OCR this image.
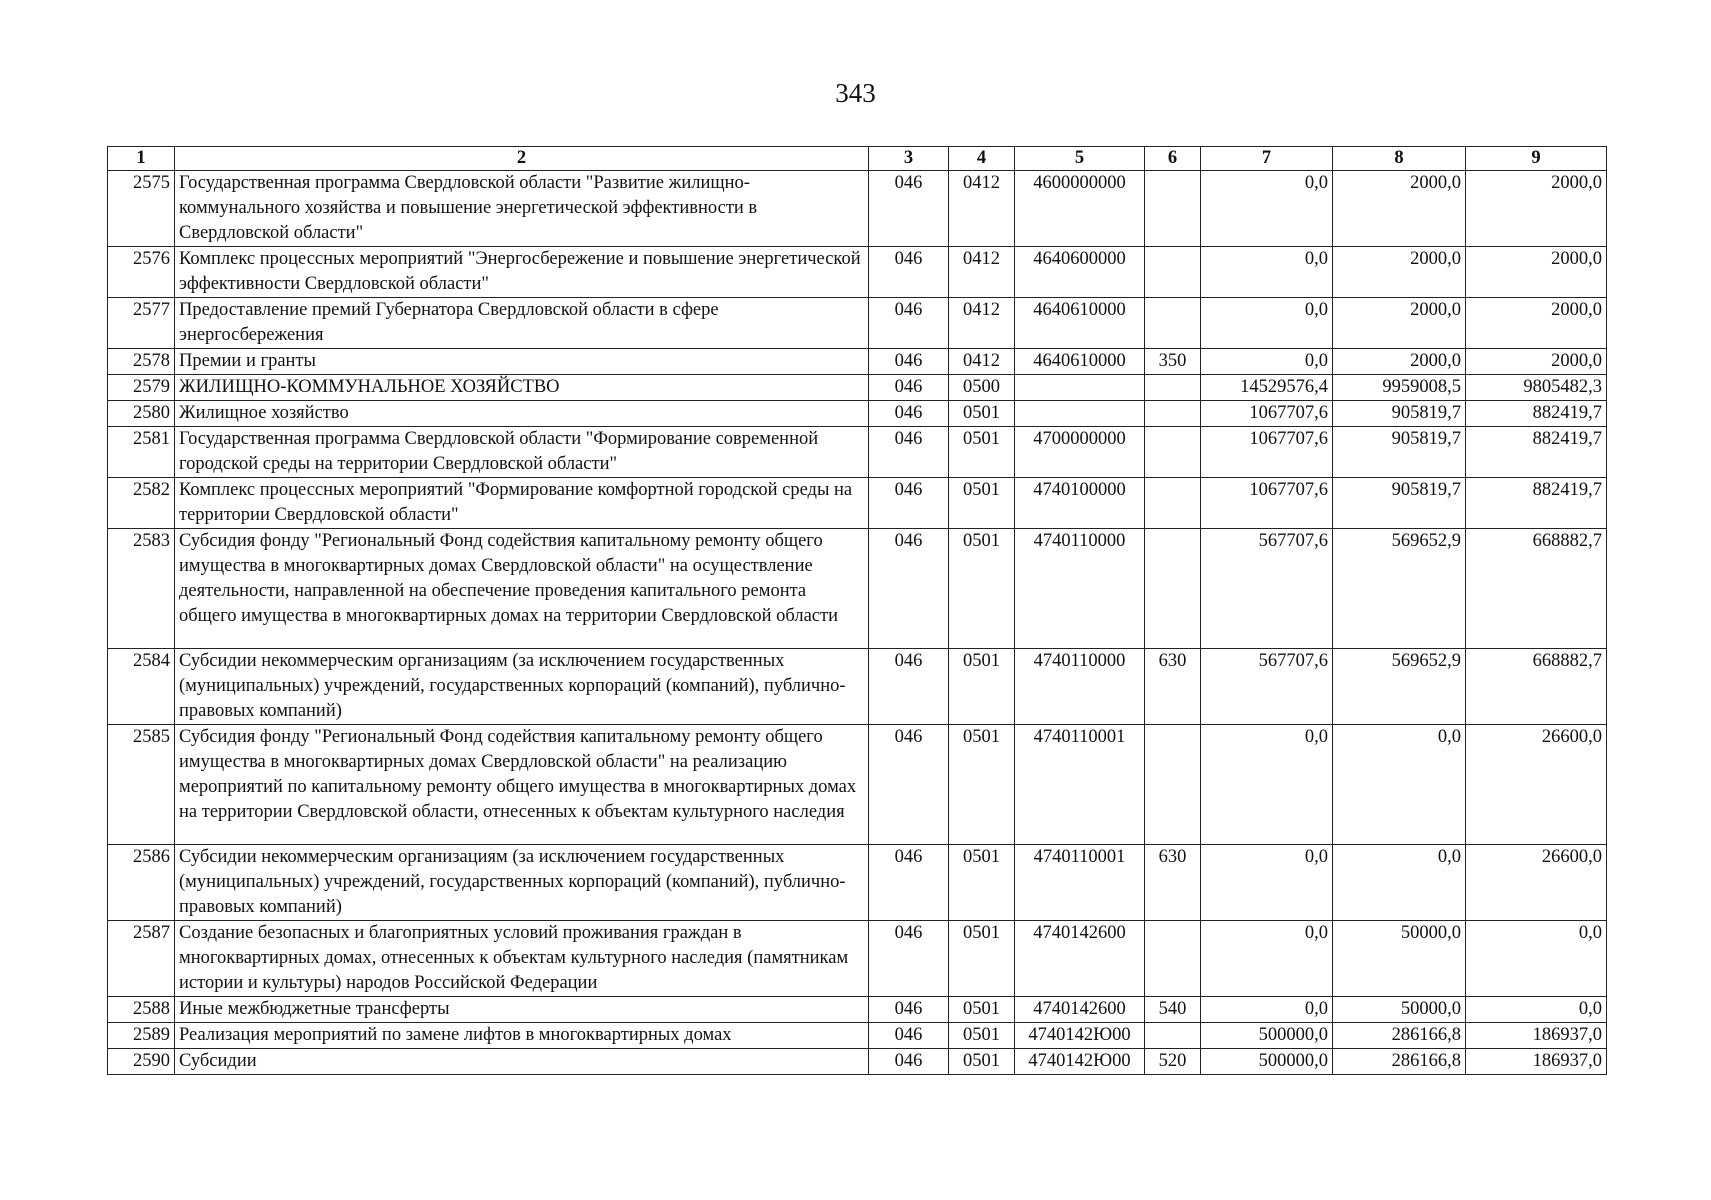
343
1	2	3	4	5	6	7	8	9
2575	Государственная программа Свердловской области "Развитие жилищно-коммунального хозяйства и повышение энергетической эффективности в Свердловской области"	046	0412	4600000000		0,0	2000,0	2000,0
2576	Комплекс процессных мероприятий "Энергосбережение и повышение энергетической эффективности Свердловской области"	046	0412	4640600000		0,0	2000,0	2000,0
2577	Предоставление премий Губернатора Свердловской области в сфере энергосбережения	046	0412	4640610000		0,0	2000,0	2000,0
2578	Премии и гранты	046	0412	4640610000	350	0,0	2000,0	2000,0
2579	ЖИЛИЩНО-КОММУНАЛЬНОЕ ХОЗЯЙСТВО	046	0500			14529576,4	9959008,5	9805482,3
2580	Жилищное хозяйство	046	0501			1067707,6	905819,7	882419,7
2581	Государственная программа Свердловской области "Формирование современной городской среды на территории Свердловской области"	046	0501	4700000000		1067707,6	905819,7	882419,7
2582	Комплекс процессных мероприятий "Формирование комфортной городской среды на территории Свердловской области"	046	0501	4740100000		1067707,6	905819,7	882419,7
2583	Субсидия фонду "Региональный Фонд содействия капитальному ремонту общего имущества в многоквартирных домах Свердловской области" на осуществление деятельности, направленной на обеспечение проведения капитального ремонта общего имущества в многоквартирных домах на территории Свердловской области	046	0501	4740110000		567707,6	569652,9	668882,7
2584	Субсидии некоммерческим организациям (за исключением государственных (муниципальных) учреждений, государственных корпораций (компаний), публично-правовых компаний)	046	0501	4740110000	630	567707,6	569652,9	668882,7
2585	Субсидия фонду "Региональный Фонд содействия капитальному ремонту общего имущества в многоквартирных домах Свердловской области" на реализацию мероприятий по капитальному ремонту общего имущества в многоквартирных домах на территории Свердловской области, отнесенных к объектам культурного наследия	046	0501	4740110001		0,0	0,0	26600,0
2586	Субсидии некоммерческим организациям (за исключением государственных (муниципальных) учреждений, государственных корпораций (компаний), публично-правовых компаний)	046	0501	4740110001	630	0,0	0,0	26600,0
2587	Создание безопасных и благоприятных условий проживания граждан в многоквартирных домах, отнесенных к объектам культурного наследия (памятникам истории и культуры) народов Российской Федерации	046	0501	4740142600		0,0	50000,0	0,0
2588	Иные межбюджетные трансферты	046	0501	4740142600	540	0,0	50000,0	0,0
2589	Реализация мероприятий по замене лифтов в многоквартирных домах	046	0501	4740142Ю00		500000,0	286166,8	186937,0
2590	Субсидии	046	0501	4740142Ю00	520	500000,0	286166,8	186937,0
